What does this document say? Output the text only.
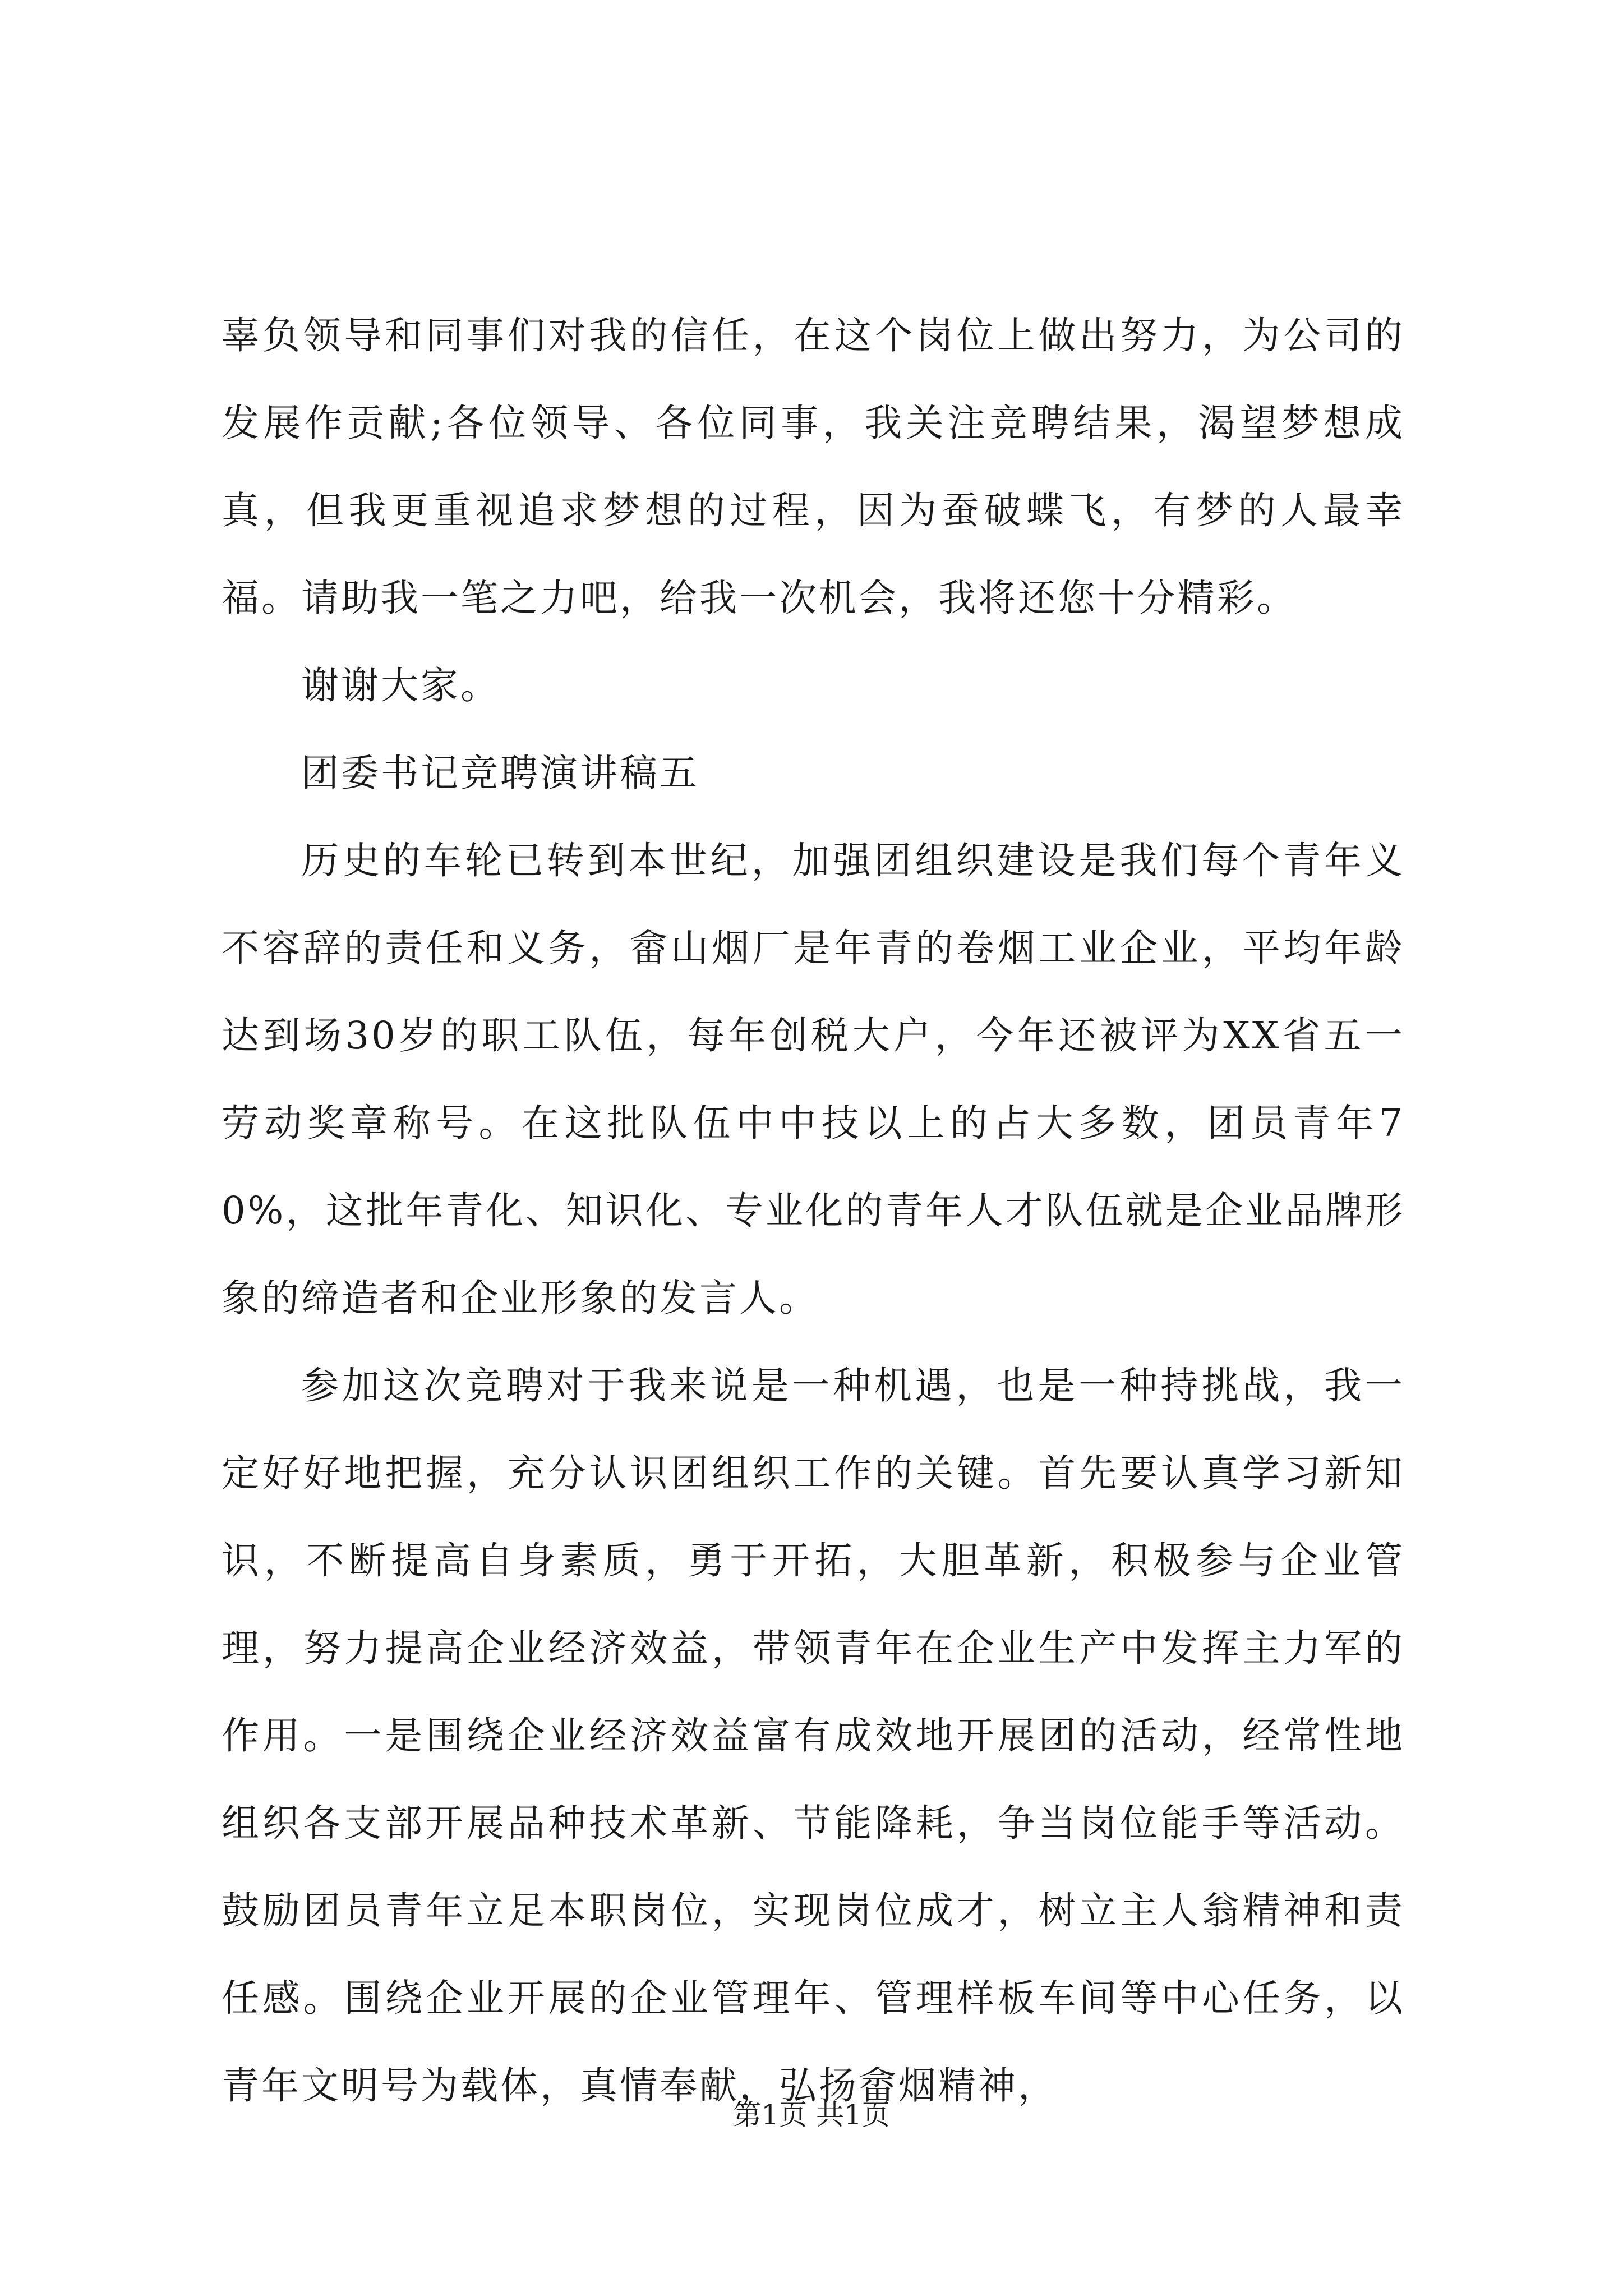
辜负领导和同事们对我的信任，在这个岗位上做出努力，为公司的发展作贡献;各位领导、各位同事，我关注竞聘结果，渴望梦想成真，但我更重视追求梦想的过程，因为蚕破蝶飞，有梦的人最幸福。请助我一笔之力吧，给我一次机会，我将还您十分精彩。

谢谢大家。

团委书记竞聘演讲稿五

历史的车轮已转到本世纪，加强团组织建设是我们每个青年义不容辞的责任和义务，畲山烟厂是年青的卷烟工业企业，平均年龄达到场30岁的职工队伍，每年创税大户，今年还被评为XX省五一劳动奖章称号。在这批队伍中中技以上的占大多数，团员青年70%，这批年青化、知识化、专业化的青年人才队伍就是企业品牌形象的缔造者和企业形象的发言人。

参加这次竞聘对于我来说是一种机遇，也是一种持挑战，我一定好好地把握，充分认识团组织工作的关键。首先要认真学习新知识，不断提高自身素质，勇于开拓，大胆革新，积极参与企业管理，努力提高企业经济效益，带领青年在企业生产中发挥主力军的作用。一是围绕企业经济效益富有成效地开展团的活动，经常性地组织各支部开展品种技术革新、节能降耗，争当岗位能手等活动。鼓励团员青年立足本职岗位，实现岗位成才，树立主人翁精神和责任感。围绕企业开展的企业管理年、管理样板车间等中心任务，以青年文明号为载体，真情奉献，弘扬畲烟精神，

第1页 共1页
